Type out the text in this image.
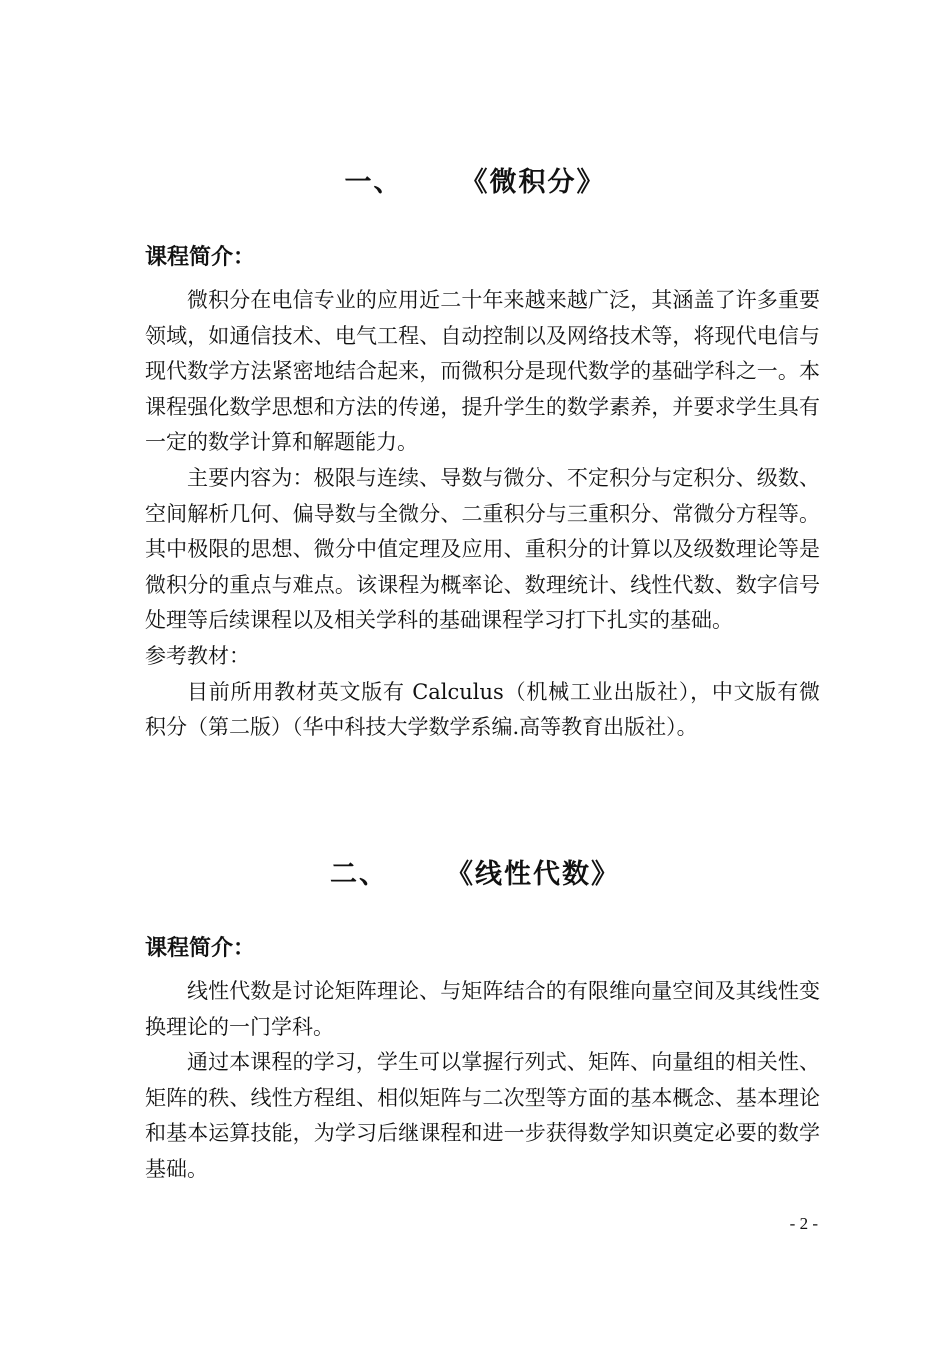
一、 《微积分》
课程简介：

微积分在电信专业的应用近二十年来越来越广泛，其涵盖了许多重要领域，如通信技术、电气工程、自动控制以及网络技术等，将现代电信与现代数学方法紧密地结合起来，而微积分是现代数学的基础学科之一。本课程强化数学思想和方法的传递，提升学生的数学素养，并要求学生具有一定的数学计算和解题能力。

主要内容为：极限与连续、导数与微分、不定积分与定积分、级数、空间解析几何、偏导数与全微分、二重积分与三重积分、常微分方程等。其中极限的思想、微分中值定理及应用、重积分的计算以及级数理论等是微积分的重点与难点。该课程为概率论、数理统计、线性代数、数字信号处理等后续课程以及相关学科的基础课程学习打下扎实的基础。

参考教材：

目前所用教材英文版有 Calculus（机械工业出版社），中文版有微积分（第二版）（华中科技大学数学系编.高等教育出版社）。

二、 《线性代数》
课程简介：

线性代数是讨论矩阵理论、与矩阵结合的有限维向量空间及其线性变换理论的一门学科。

通过本课程的学习，学生可以掌握行列式、矩阵、向量组的相关性、矩阵的秩、线性方程组、相似矩阵与二次型等方面的基本概念、基本理论和基本运算技能，为学习后继课程和进一步获得数学知识奠定必要的数学基础。

- 2 -
